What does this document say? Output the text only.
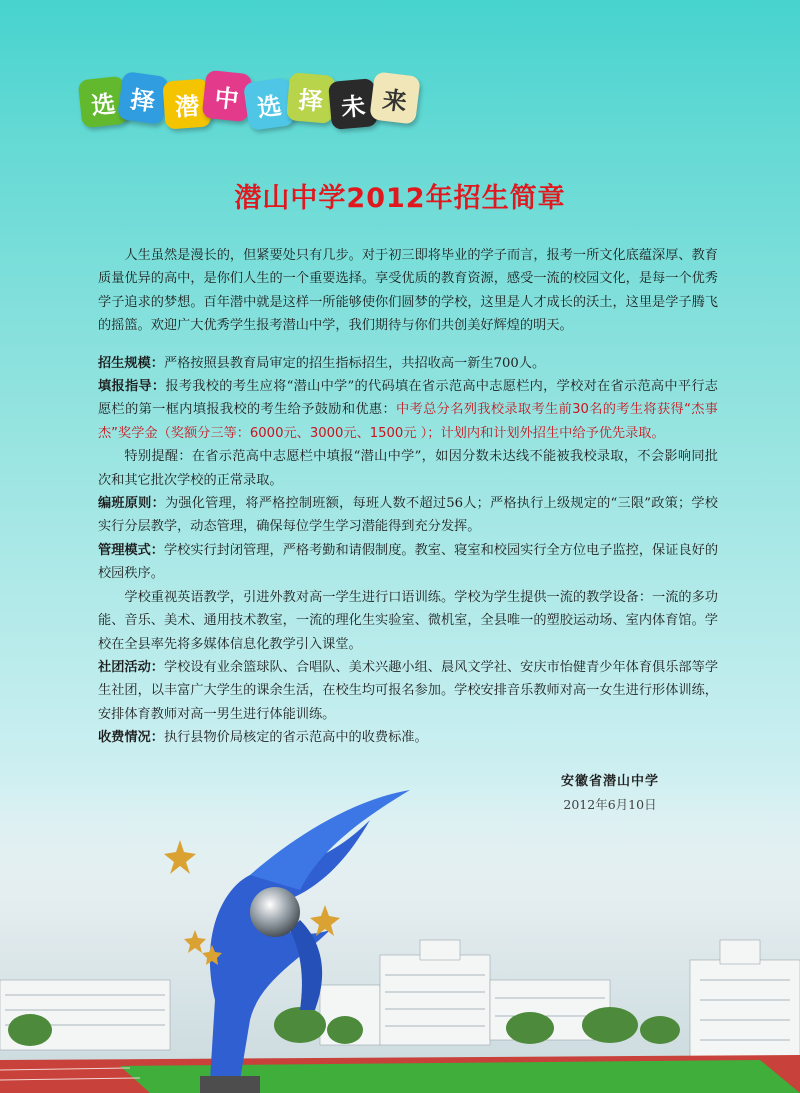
选 择 潜 中 选 择 未 来
潜山中学2012年招生简章

人生虽然是漫长的，但紧要处只有几步。对于初三即将毕业的学子而言，报考一所文化底蕴深厚、教育质量优异的高中，是你们人生的一个重要选择。享受优质的教育资源，感受一流的校园文化，是每一个优秀学子追求的梦想。百年潜中就是这样一所能够使你们圆梦的学校，这里是人才成长的沃土，这里是学子腾飞的摇篮。欢迎广大优秀学生报考潜山中学，我们期待与你们共创美好辉煌的明天。

招生规模：严格按照县教育局审定的招生指标招生，共招收高一新生700人。

填报指导：报考我校的考生应将“潜山中学”的代码填在省示范高中志愿栏内，学校对在省示范高中平行志愿栏的第一框内填报我校的考生给予鼓励和优惠：中考总分名列我校录取考生前30名的考生将获得“杰事杰”奖学金（奖额分三等：6000元、3000元、1500元 ）；计划内和计划外招生中给予优先录取。

特别提醒：在省示范高中志愿栏中填报“潜山中学”，如因分数未达线不能被我校录取，不会影响同批次和其它批次学校的正常录取。

编班原则：为强化管理，将严格控制班额，每班人数不超过56人；严格执行上级规定的“三限”政策；学校实行分层教学，动态管理，确保每位学生学习潜能得到充分发挥。

管理模式：学校实行封闭管理，严格考勤和请假制度。教室、寝室和校园实行全方位电子监控，保证良好的校园秩序。

学校重视英语教学，引进外教对高一学生进行口语训练。学校为学生提供一流的教学设备：一流的多功能、音乐、美术、通用技术教室，一流的理化生实验室、微机室，全县唯一的塑胶运动场、室内体育馆。学校在全县率先将多媒体信息化教学引入课堂。

社团活动：学校设有业余篮球队、合唱队、美术兴趣小组、晨风文学社、安庆市怡健青少年体育俱乐部等学生社团，以丰富广大学生的课余生活，在校生均可报名参加。学校安排音乐教师对高一女生进行形体训练，安排体育教师对高一男生进行体能训练。

收费情况：执行县物价局核定的省示范高中的收费标准。
